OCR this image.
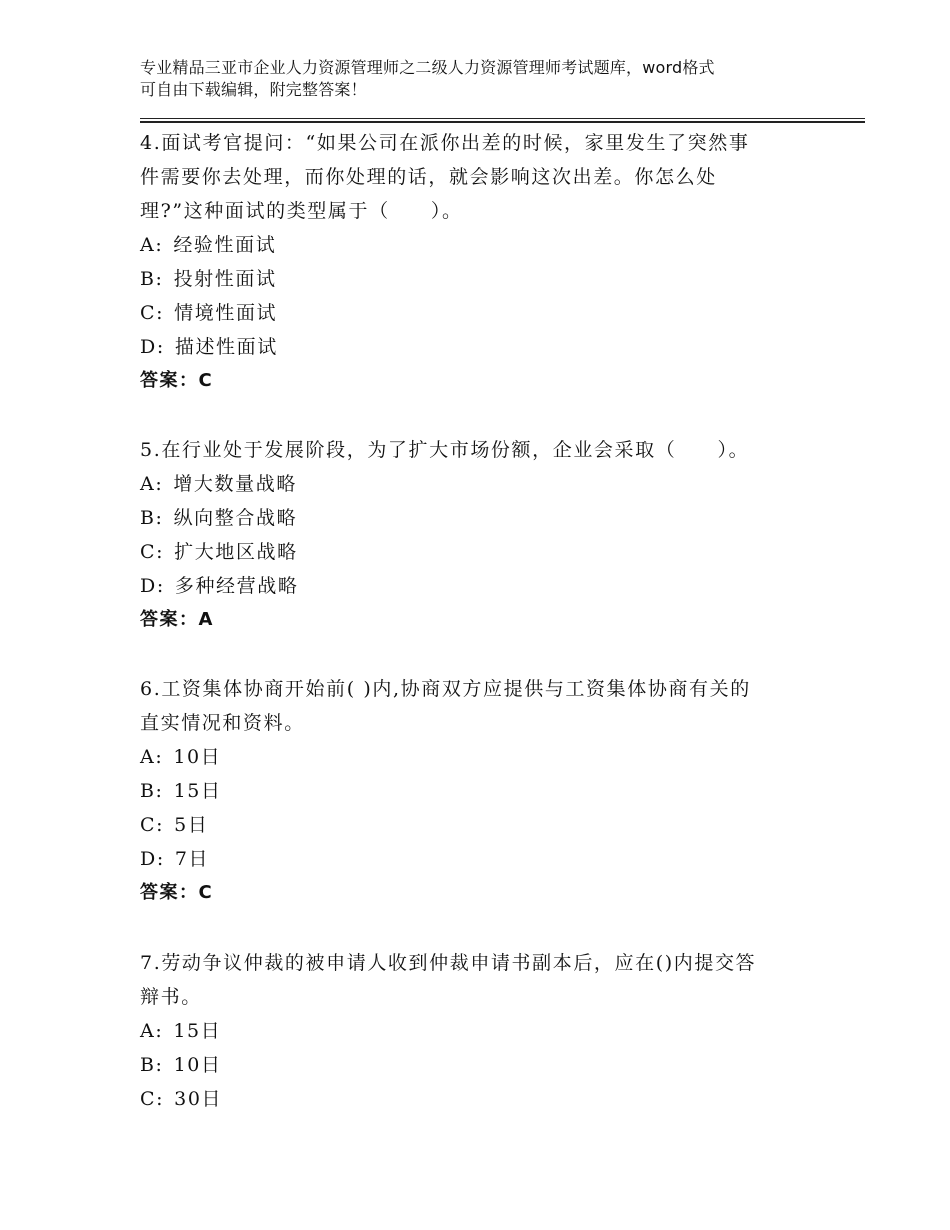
专业精品三亚市企业人力资源管理师之二级人力资源管理师考试题库，word格式
可自由下载编辑，附完整答案！

4.面试考官提问：“如果公司在派你出差的时候，家里发生了突然事

件需要你去处理，而你处理的话，就会影响这次出差。你怎么处

理?”这种面试的类型属于（　　）。

A: 经验性面试

B: 投射性面试

C: 情境性面试

D: 描述性面试

答案：C

5.在行业处于发展阶段，为了扩大市场份额，企业会采取（　　）。

A: 增大数量战略

B: 纵向整合战略

C: 扩大地区战略

D: 多种经营战略

答案：A

6.工资集体协商开始前( )内,协商双方应提供与工资集体协商有关的

直实情况和资料。

A: 10日

B: 15日

C: 5日

D: 7日

答案：C

7.劳动争议仲裁的被申请人收到仲裁申请书副本后，应在()内提交答

辩书。

A: 15日

B: 10日

C: 30日
